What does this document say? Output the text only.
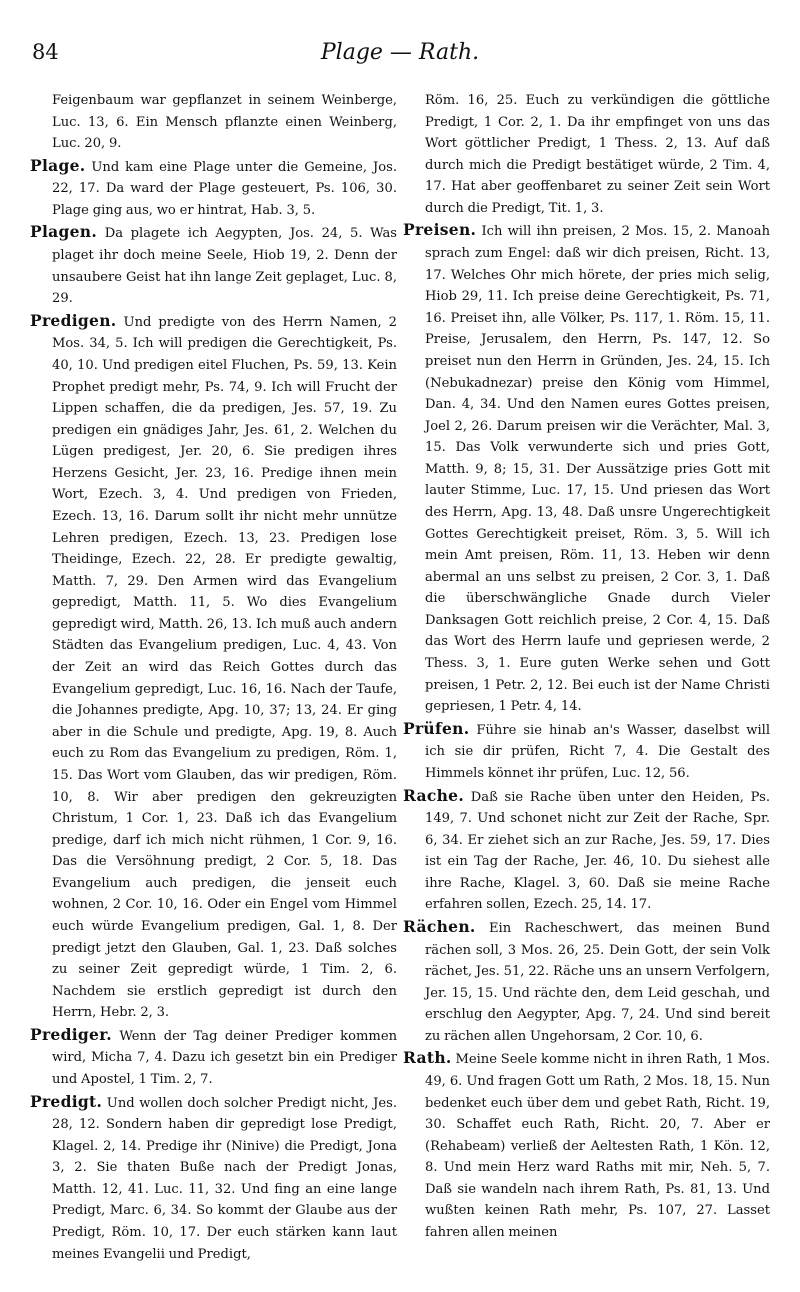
84	Plage — Rath.

Feigenbaum war gepflanzet in seinem Weinberge, Luc. 13, 6. Ein Mensch pflanzte einen Weinberg, Luc. 20, 9.

Plage. Und kam eine Plage unter die Gemeine, Jos. 22, 17. Da ward der Plage gesteuert, Ps. 106, 30. Plage ging aus, wo er hintrat, Hab. 3, 5.

Plagen. Da plagete ich Aegypten, Jos. 24, 5. Was plaget ihr doch meine Seele, Hiob 19, 2. Denn der unsaubere Geist hat ihn lange Zeit geplaget, Luc. 8, 29.

Predigen. Und predigte von des Herrn Namen, 2 Mos. 34, 5. Ich will predigen die Gerechtigkeit, Ps. 40, 10. Und predigen eitel Fluchen, Ps. 59, 13. Kein Prophet predigt mehr, Ps. 74, 9. Ich will Frucht der Lippen schaffen, die da predigen, Jes. 57, 19. Zu predigen ein gnädiges Jahr, Jes. 61, 2. Welchen du Lügen predigest, Jer. 20, 6. Sie predigen ihres Herzens Gesicht, Jer. 23, 16. Predige ihnen mein Wort, Ezech. 3, 4. Und predigen von Frieden, Ezech. 13, 16. Darum sollt ihr nicht mehr unnütze Lehren predigen, Ezech. 13, 23. Predigen lose Theidinge, Ezech. 22, 28. Er predigte gewaltig, Matth. 7, 29. Den Armen wird das Evangelium gepredigt, Matth. 11, 5. Wo dies Evangelium gepredigt wird, Matth. 26, 13. Ich muß auch andern Städten das Evangelium predigen, Luc. 4, 43. Von der Zeit an wird das Reich Gottes durch das Evangelium gepredigt, Luc. 16, 16. Nach der Taufe, die Johannes predigte, Apg. 10, 37; 13, 24. Er ging aber in die Schule und predigte, Apg. 19, 8. Auch euch zu Rom das Evangelium zu predigen, Röm. 1, 15. Das Wort vom Glauben, das wir predigen, Röm. 10, 8. Wir aber predigen den gekreuzigten Christum, 1 Cor. 1, 23. Daß ich das Evangelium predige, darf ich mich nicht rühmen, 1 Cor. 9, 16. Das die Versöhnung predigt, 2 Cor. 5, 18. Das Evangelium auch predigen, die jenseit euch wohnen, 2 Cor. 10, 16. Oder ein Engel vom Himmel euch würde Evangelium predigen, Gal. 1, 8. Der predigt jetzt den Glauben, Gal. 1, 23. Daß solches zu seiner Zeit gepredigt würde, 1 Tim. 2, 6. Nachdem sie erstlich gepredigt ist durch den Herrn, Hebr. 2, 3.

Prediger. Wenn der Tag deiner Prediger kommen wird, Micha 7, 4. Dazu ich gesetzt bin ein Prediger und Apostel, 1 Tim. 2, 7.

Predigt. Und wollen doch solcher Predigt nicht, Jes. 28, 12. Sondern haben dir gepredigt lose Predigt, Klagel. 2, 14. Predige ihr (Ninive) die Predigt, Jona 3, 2. Sie thaten Buße nach der Predigt Jonas, Matth. 12, 41. Luc. 11, 32. Und fing an eine lange Predigt, Marc. 6, 34. So kommt der Glaube aus der Predigt, Röm. 10, 17. Der euch stärken kann laut meines Evangelii und Predigt,

Röm. 16, 25. Euch zu verkündigen die göttliche Predigt, 1 Cor. 2, 1. Da ihr empfinget von uns das Wort göttlicher Predigt, 1 Thess. 2, 13. Auf daß durch mich die Predigt bestätiget würde, 2 Tim. 4, 17. Hat aber geoffenbaret zu seiner Zeit sein Wort durch die Predigt, Tit. 1, 3.

Preisen. Ich will ihn preisen, 2 Mos. 15, 2. Manoah sprach zum Engel: daß wir dich preisen, Richt. 13, 17. Welches Ohr mich hörete, der pries mich selig, Hiob 29, 11. Ich preise deine Gerechtigkeit, Ps. 71, 16. Preiset ihn, alle Völker, Ps. 117, 1. Röm. 15, 11. Preise, Jerusalem, den Herrn, Ps. 147, 12. So preiset nun den Herrn in Gründen, Jes. 24, 15. Ich (Nebukadnezar) preise den König vom Himmel, Dan. 4, 34. Und den Namen eures Gottes preisen, Joel 2, 26. Darum preisen wir die Verächter, Mal. 3, 15. Das Volk verwunderte sich und pries Gott, Matth. 9, 8; 15, 31. Der Aussätzige pries Gott mit lauter Stimme, Luc. 17, 15. Und priesen das Wort des Herrn, Apg. 13, 48. Daß unsre Ungerechtigkeit Gottes Gerechtigkeit preiset, Röm. 3, 5. Will ich mein Amt preisen, Röm. 11, 13. Heben wir denn abermal an uns selbst zu preisen, 2 Cor. 3, 1. Daß die überschwängliche Gnade durch Vieler Danksagen Gott reichlich preise, 2 Cor. 4, 15. Daß das Wort des Herrn laufe und gepriesen werde, 2 Thess. 3, 1. Eure guten Werke sehen und Gott preisen, 1 Petr. 2, 12. Bei euch ist der Name Christi gepriesen, 1 Petr. 4, 14.

Prüfen. Führe sie hinab an's Wasser, daselbst will ich sie dir prüfen, Richt 7, 4. Die Gestalt des Himmels könnet ihr prüfen, Luc. 12, 56.

Rache. Daß sie Rache üben unter den Heiden, Ps. 149, 7. Und schonet nicht zur Zeit der Rache, Spr. 6, 34. Er ziehet sich an zur Rache, Jes. 59, 17. Dies ist ein Tag der Rache, Jer. 46, 10. Du siehest alle ihre Rache, Klagel. 3, 60. Daß sie meine Rache erfahren sollen, Ezech. 25, 14. 17.

Rächen. Ein Racheschwert, das meinen Bund rächen soll, 3 Mos. 26, 25. Dein Gott, der sein Volk rächet, Jes. 51, 22. Räche uns an unsern Verfolgern, Jer. 15, 15. Und rächte den, dem Leid geschah, und erschlug den Aegypter, Apg. 7, 24. Und sind bereit zu rächen allen Ungehorsam, 2 Cor. 10, 6.

Rath. Meine Seele komme nicht in ihren Rath, 1 Mos. 49, 6. Und fragen Gott um Rath, 2 Mos. 18, 15. Nun bedenket euch über dem und gebet Rath, Richt. 19, 30. Schaffet euch Rath, Richt. 20, 7. Aber er (Rehabeam) verließ der Aeltesten Rath, 1 Kön. 12, 8. Und mein Herz ward Raths mit mir, Neh. 5, 7. Daß sie wandeln nach ihrem Rath, Ps. 81, 13. Und wußten keinen Rath mehr, Ps. 107, 27. Lasset fahren allen meinen
